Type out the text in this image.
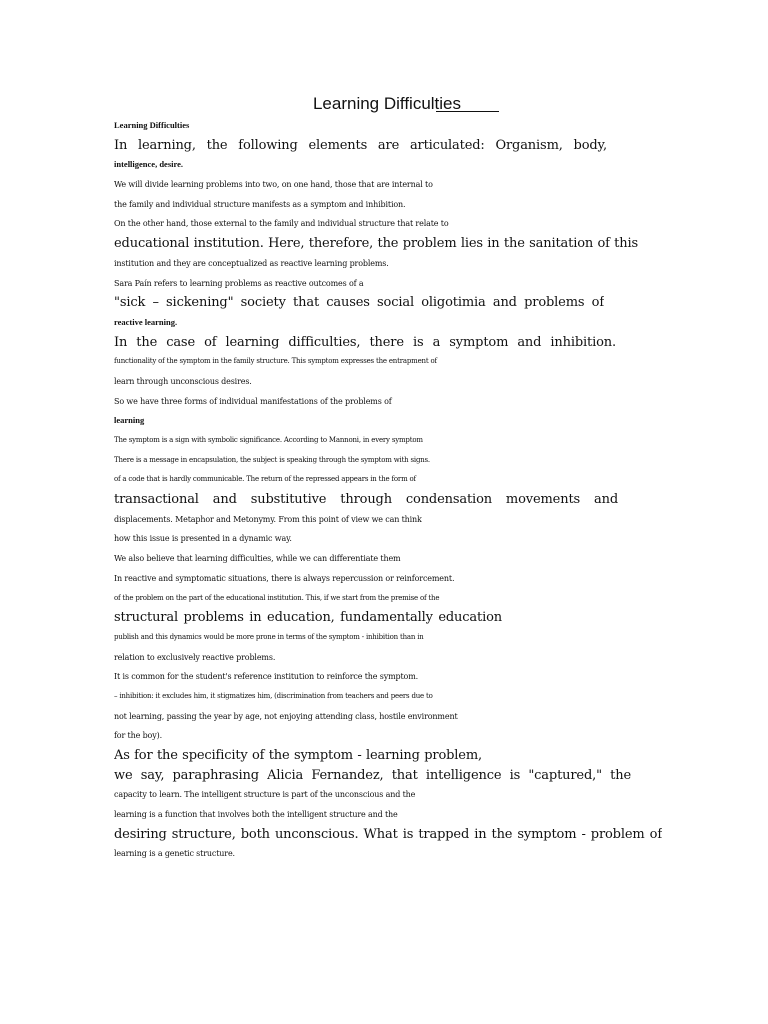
Learning Difficulties
Learning Difficulties
In learning, the following elements are articulated: Organism, body,
intelligence, desire.
We will divide learning problems into two, on one hand, those that are internal to
the family and individual structure manifests as a symptom and inhibition.
On the other hand, those external to the family and individual structure that relate to
educational institution. Here, therefore, the problem lies in the sanitation of this
institution and they are conceptualized as reactive learning problems.
Sara Paín refers to learning problems as reactive outcomes of a
"sick – sickening" society that causes social oligotimia and problems of
reactive learning.
In the case of learning difficulties, there is a symptom and inhibition.
functionality of the symptom in the family structure. This symptom expresses the entrapment of
learn through unconscious desires.
So we have three forms of individual manifestations of the problems of
learning
The symptom is a sign with symbolic significance. According to Mannoni, in every symptom
There is a message in encapsulation, the subject is speaking through the symptom with signs.
of a code that is hardly communicable. The return of the repressed appears in the form of
transactional and substitutive through condensation movements and
displacements. Metaphor and Metonymy. From this point of view we can think
how this issue is presented in a dynamic way.
We also believe that learning difficulties, while we can differentiate them
In reactive and symptomatic situations, there is always repercussion or reinforcement.
of the problem on the part of the educational institution. This, if we start from the premise of the
structural problems in education, fundamentally education
publish and this dynamics would be more prone in terms of the symptom - inhibition than in
relation to exclusively reactive problems.
It is common for the student's reference institution to reinforce the symptom.
– inhibition: it excludes him, it stigmatizes him, (discrimination from teachers and peers due to
not learning, passing the year by age, not enjoying attending class, hostile environment
for the boy).
As for the specificity of the symptom - learning problem,
we say, paraphrasing Alicia Fernandez, that intelligence is "captured," the
capacity to learn. The intelligent structure is part of the unconscious and the
learning is a function that involves both the intelligent structure and the
desiring structure, both unconscious. What is trapped in the symptom - problem of
learning is a genetic structure.
